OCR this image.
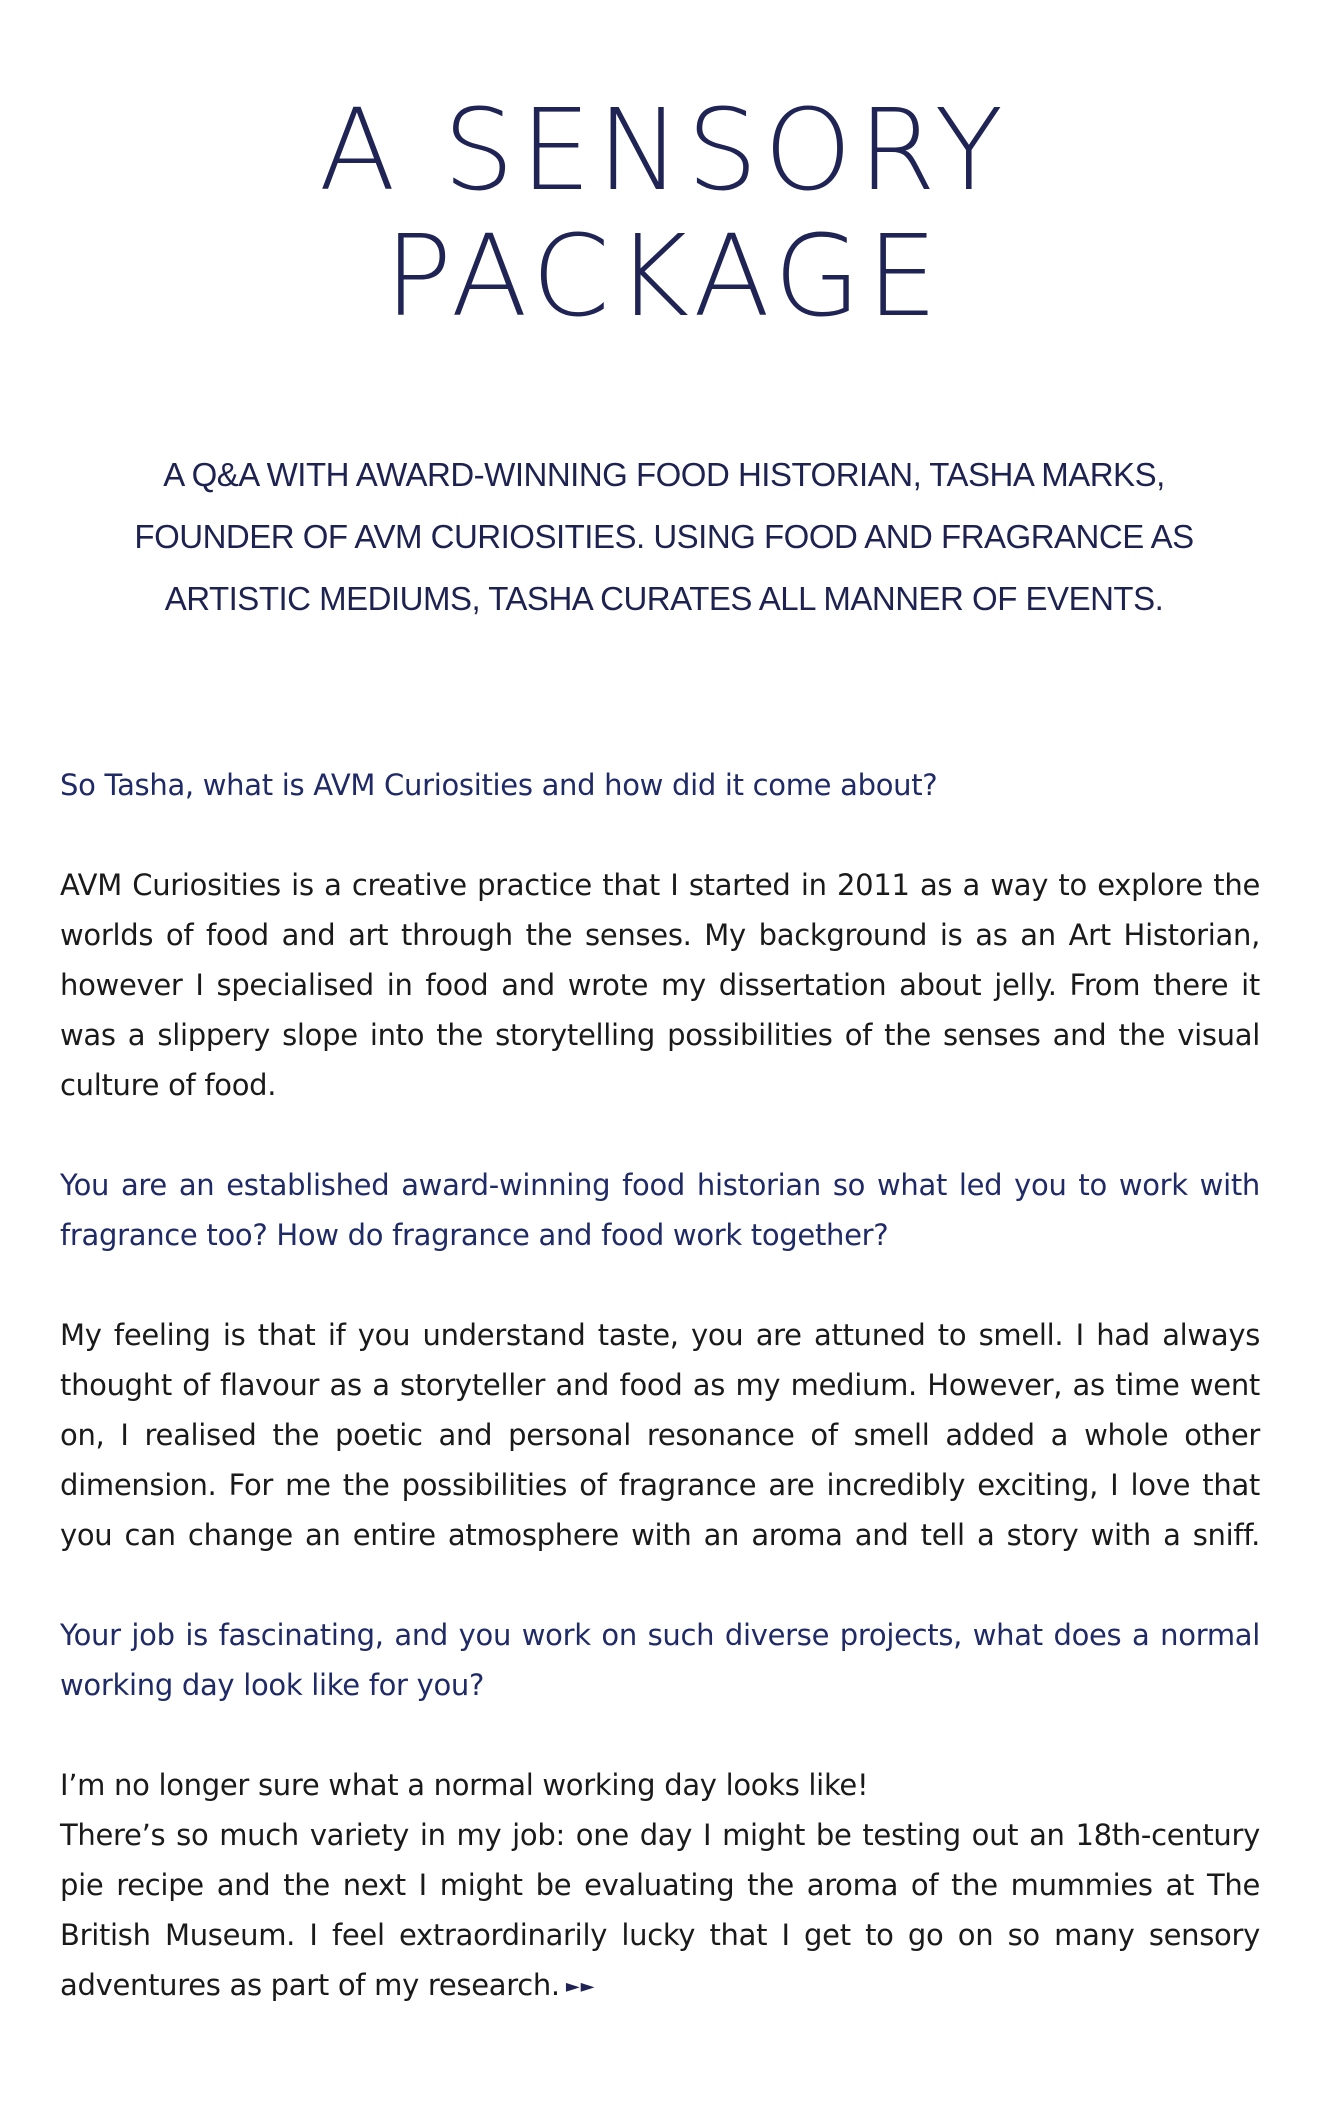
A SENSORY
PACKAGE
A Q&A WITH AWARD-WINNING FOOD HISTORIAN, TASHA MARKS,
FOUNDER OF AVM CURIOSITIES. USING FOOD AND FRAGRANCE AS
ARTISTIC MEDIUMS, TASHA CURATES ALL MANNER OF EVENTS.

So Tasha, what is AVM Curiosities and how did it come about?

AVM Curiosities is a creative practice that I started in 2011 as a way to explore the
worlds of food and art through the senses. My background is as an Art Historian,
however I specialised in food and wrote my dissertation about jelly. From there it
was a slippery slope into the storytelling possibilities of the senses and the visual
culture of food.

You are an established award-winning food historian so what led you to work with
fragrance too? How do fragrance and food work together?

My feeling is that if you understand taste, you are attuned to smell. I had always
thought of flavour as a storyteller and food as my medium. However, as time went
on, I realised the poetic and personal resonance of smell added a whole other
dimension. For me the possibilities of fragrance are incredibly exciting, I love that
you can change an entire atmosphere with an aroma and tell a story with a sniff.

Your job is fascinating, and you work on such diverse projects, what does a normal
working day look like for you?

I’m no longer sure what a normal working day looks like!
There’s so much variety in my job: one day I might be testing out an 18th-century
pie recipe and the next I might be evaluating the aroma of the mummies at The
British Museum. I feel extraordinarily lucky that I get to go on so many sensory
adventures as part of my research. ►►
